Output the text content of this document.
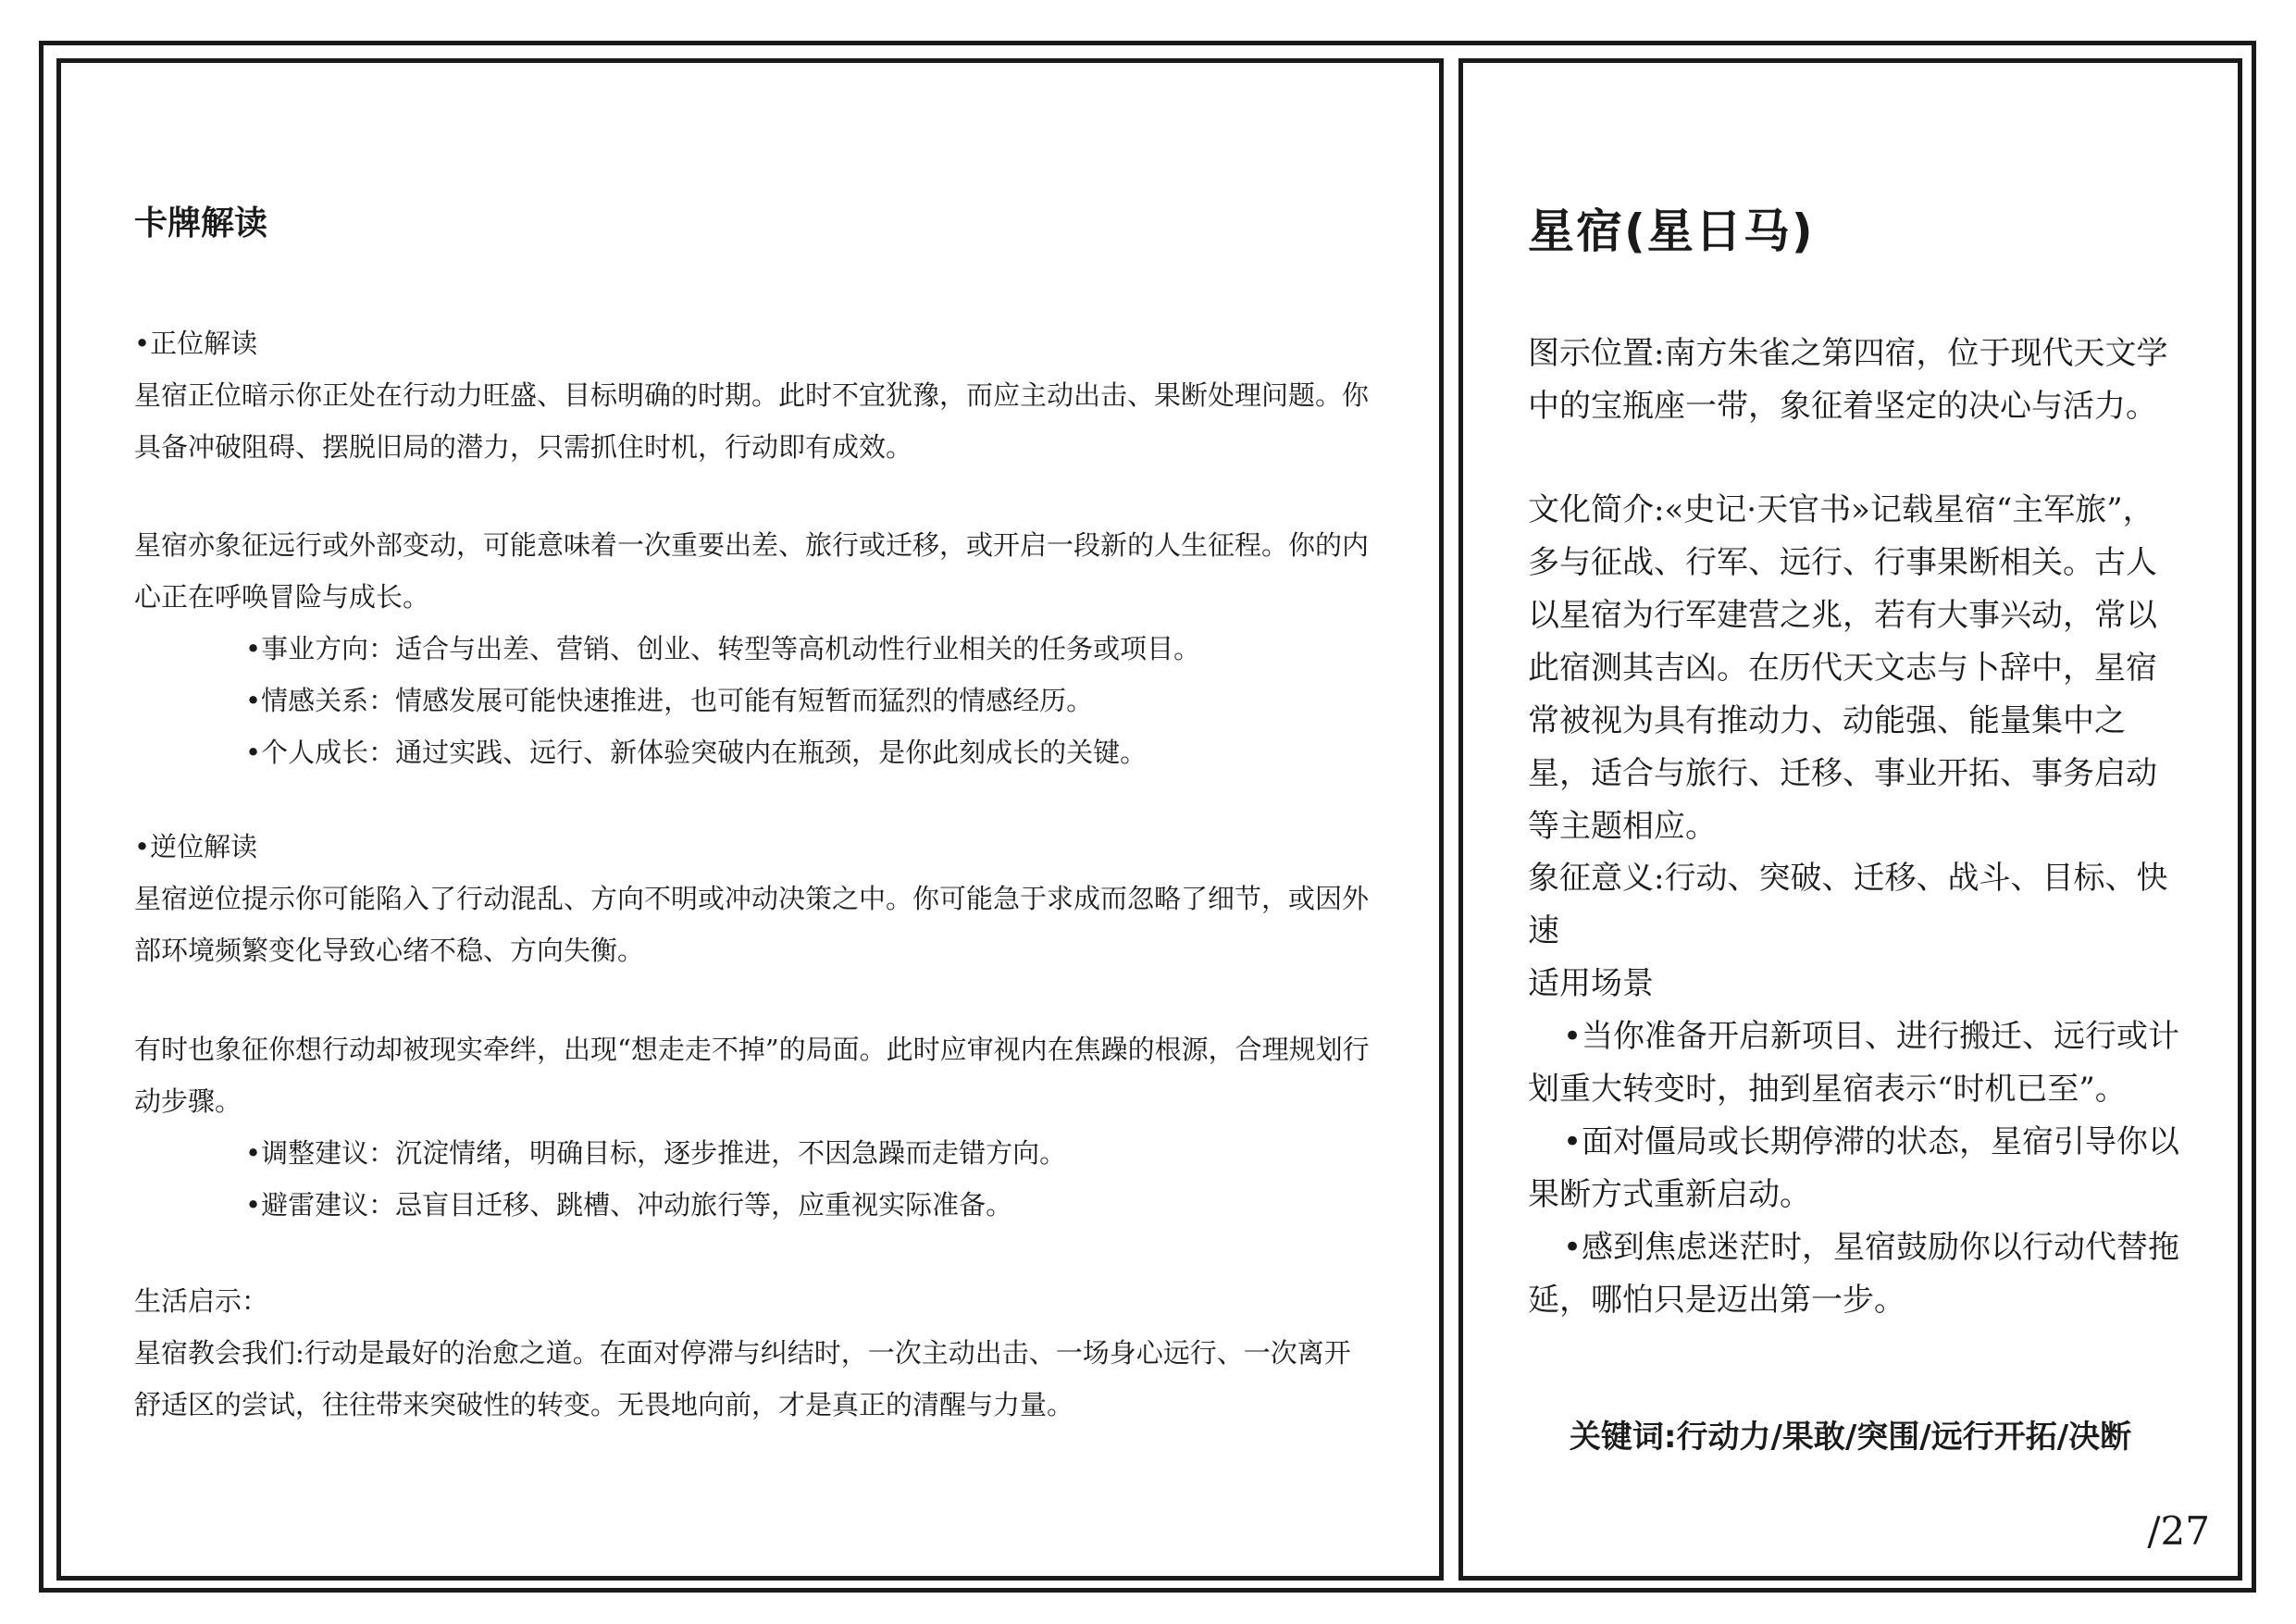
卡牌解读

•正位解读

星宿正位暗示你正处在行动力旺盛、目标明确的时期。此时不宜犹豫，而应主动出击、果断处理问题。你具备冲破阻碍、摆脱旧局的潜力，只需抓住时机，行动即有成效。

星宿亦象征远行或外部变动，可能意味着一次重要出差、旅行或迁移，或开启一段新的人生征程。你的内心正在呼唤冒险与成长。

•事业方向：适合与出差、营销、创业、转型等高机动性行业相关的任务或项目。
•情感关系：情感发展可能快速推进，也可能有短暂而猛烈的情感经历。
•个人成长：通过实践、远行、新体验突破内在瓶颈，是你此刻成长的关键。

•逆位解读

星宿逆位提示你可能陷入了行动混乱、方向不明或冲动决策之中。你可能急于求成而忽略了细节，或因外部环境频繁变化导致心绪不稳、方向失衡。

有时也象征你想行动却被现实牵绊，出现“想走走不掉”的局面。此时应审视内在焦躁的根源，合理规划行动步骤。

•调整建议：沉淀情绪，明确目标，逐步推进，不因急躁而走错方向。
•避雷建议：忌盲目迁移、跳槽、冲动旅行等，应重视实际准备。

生活启示：

星宿教会我们:行动是最好的治愈之道。在面对停滞与纠结时，一次主动出击、一场身心远行、一次离开舒适区的尝试，往往带来突破性的转变。无畏地向前，才是真正的清醒与力量。

星宿(星日马)

图示位置:南方朱雀之第四宿，位于现代天文学中的宝瓶座一带，象征着坚定的决心与活力。

文化简介:«史记·天官书»记载星宿“主军旅”，多与征战、行军、远行、行事果断相关。古人以星宿为行军建营之兆，若有大事兴动，常以此宿测其吉凶。在历代天文志与卜辞中，星宿常被视为具有推动力、动能强、能量集中之星，适合与旅行、迁移、事业开拓、事务启动等主题相应。

象征意义:行动、突破、迁移、战斗、目标、快速

适用场景

•当你准备开启新项目、进行搬迁、远行或计划重大转变时，抽到星宿表示“时机已至”。
•面对僵局或长期停滞的状态，星宿引导你以果断方式重新启动。
•感到焦虑迷茫时，星宿鼓励你以行动代替拖延，哪怕只是迈出第一步。
关键词:行动力/果敢/突围/远行开拓/决断
/27
